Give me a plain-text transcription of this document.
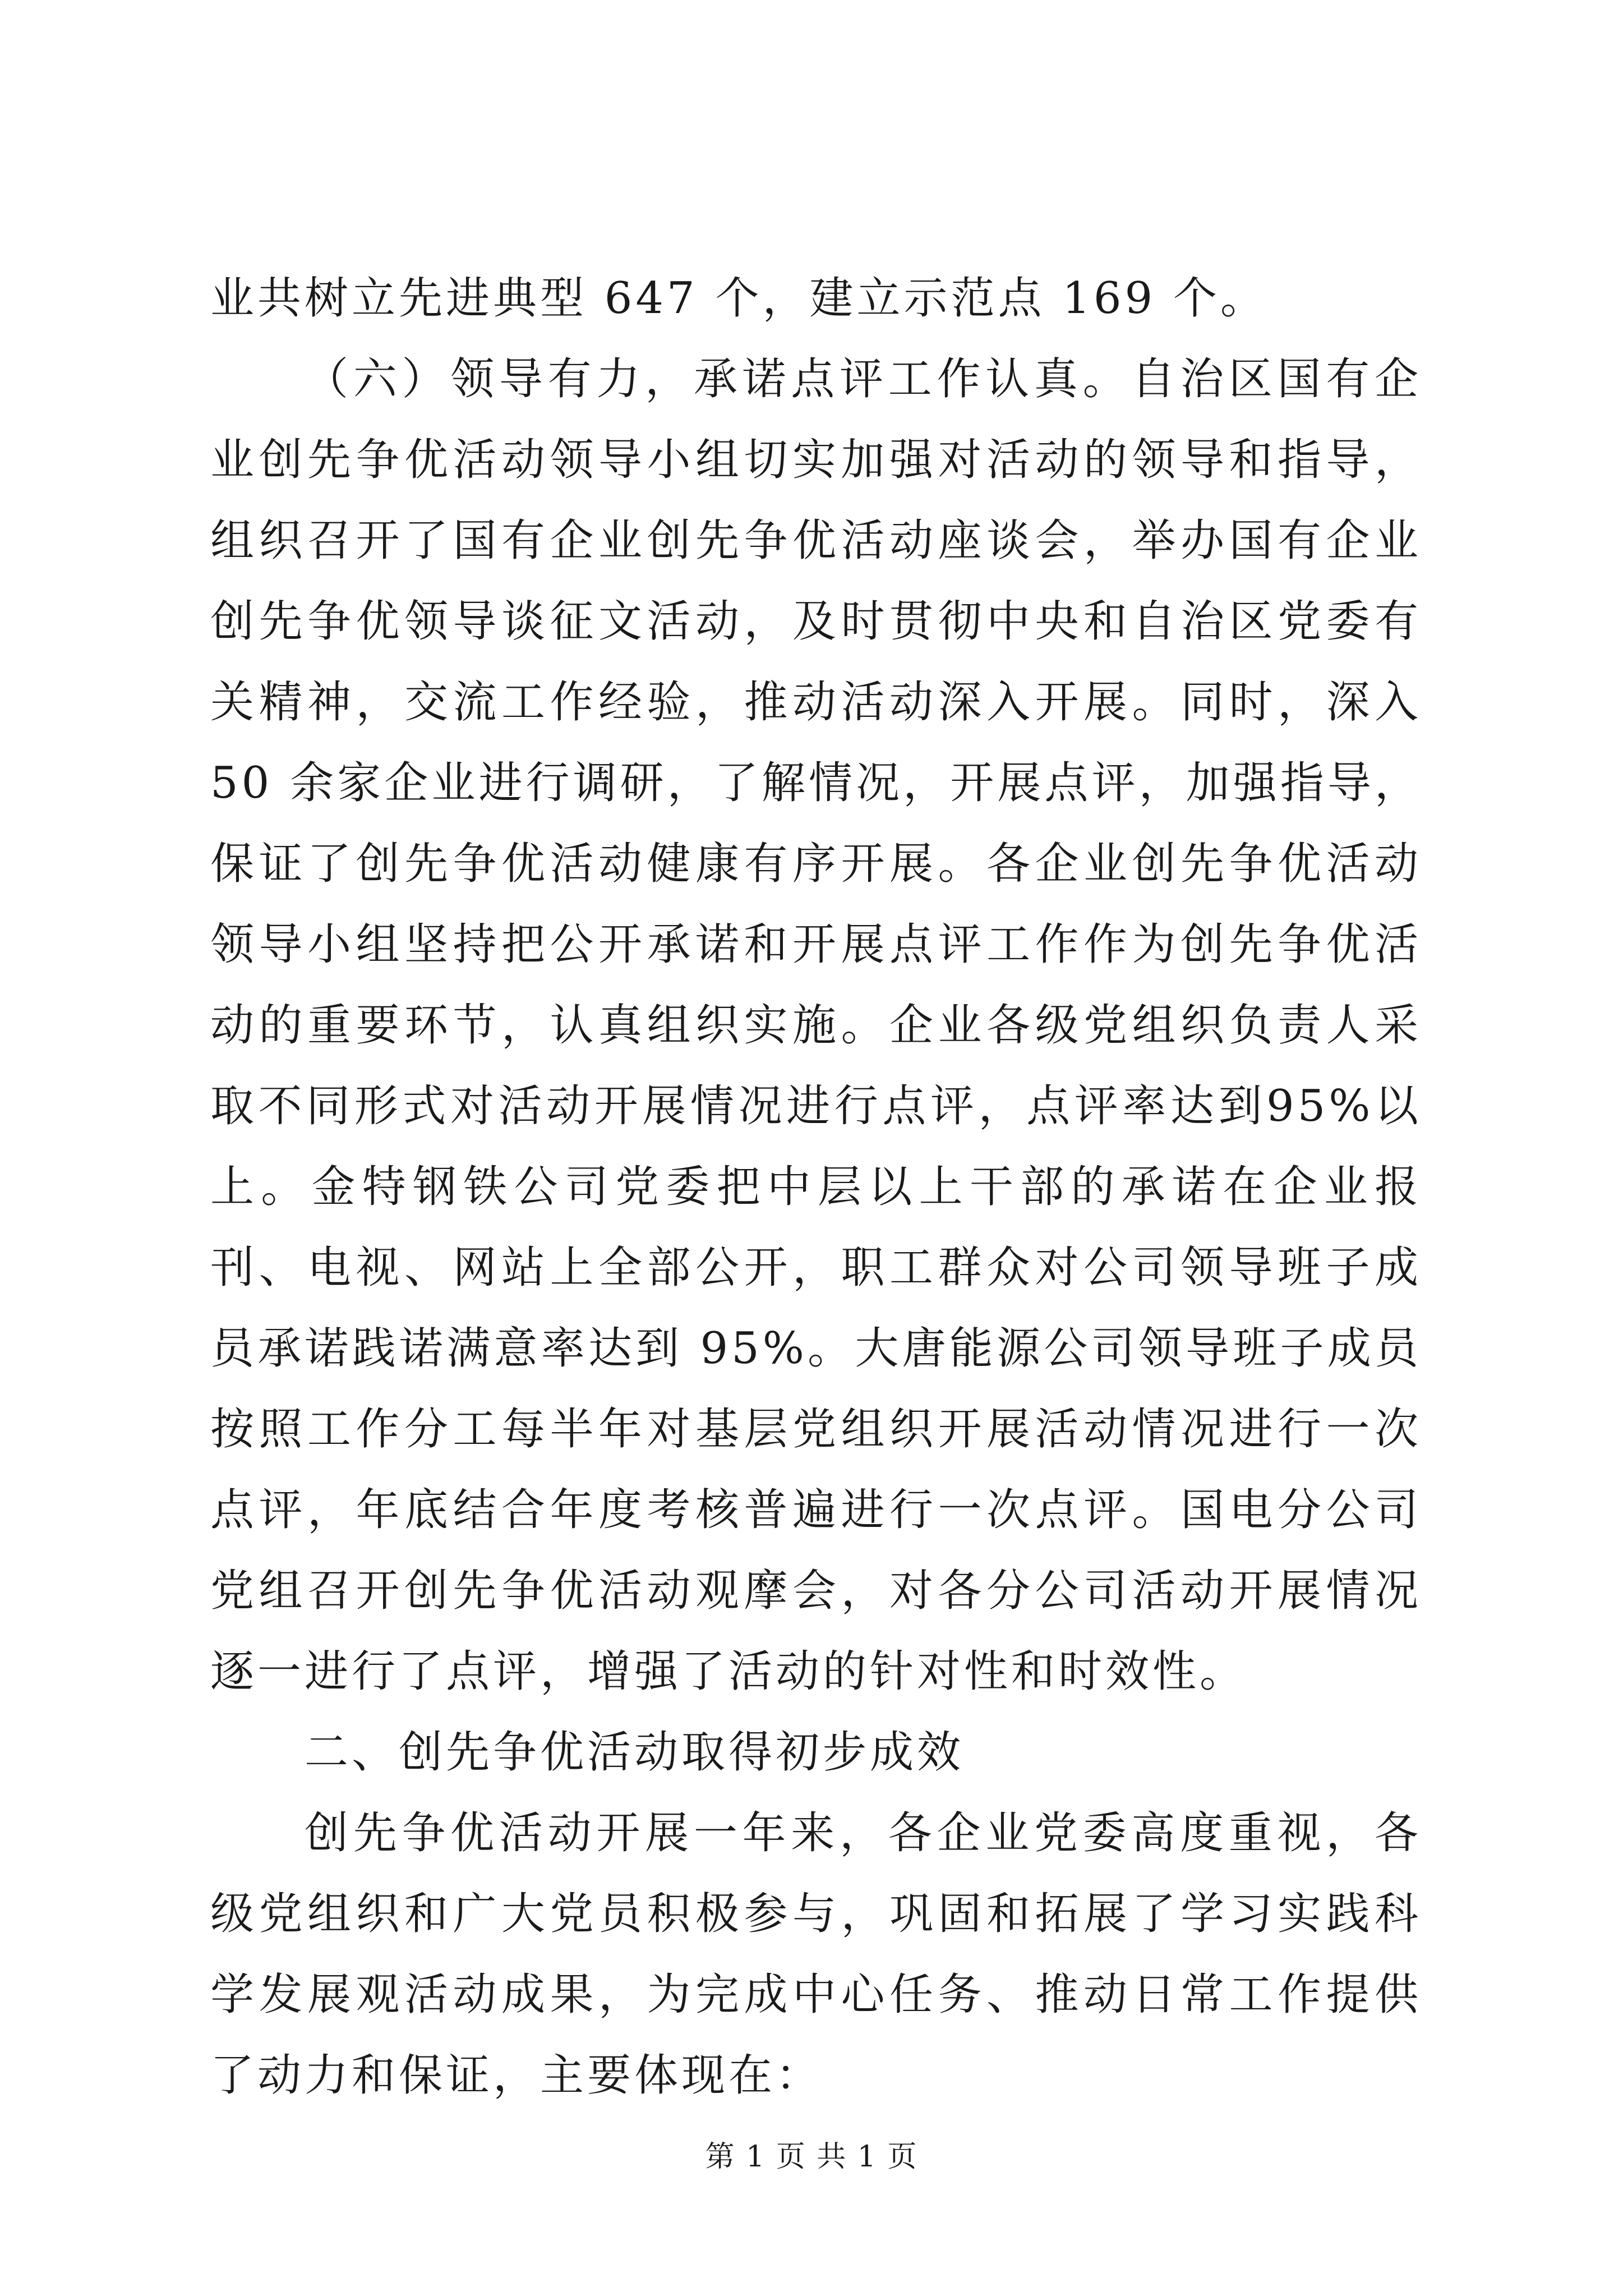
业共树立先进典型 647 个，建立示范点 169 个。

（六）领导有力，承诺点评工作认真。自治区国有企业创先争优活动领导小组切实加强对活动的领导和指导，组织召开了国有企业创先争优活动座谈会，举办国有企业创先争优领导谈征文活动，及时贯彻中央和自治区党委有关精神，交流工作经验，推动活动深入开展。同时，深入 50 余家企业进行调研，了解情况，开展点评，加强指导，保证了创先争优活动健康有序开展。各企业创先争优活动领导小组坚持把公开承诺和开展点评工作作为创先争优活动的重要环节，认真组织实施。企业各级党组织负责人采取不同形式对活动开展情况进行点评，点评率达到95%以上。金特钢铁公司党委把中层以上干部的承诺在企业报刊、电视、网站上全部公开，职工群众对公司领导班子成员承诺践诺满意率达到 95%。大唐能源公司领导班子成员按照工作分工每半年对基层党组织开展活动情况进行一次点评，年底结合年度考核普遍进行一次点评。国电分公司党组召开创先争优活动观摩会，对各分公司活动开展情况逐一进行了点评，增强了活动的针对性和时效性。

二、创先争优活动取得初步成效

创先争优活动开展一年来，各企业党委高度重视，各级党组织和广大党员积极参与，巩固和拓展了学习实践科学发展观活动成果，为完成中心任务、推动日常工作提供了动力和保证，主要体现在：

第 1 页 共 1 页
